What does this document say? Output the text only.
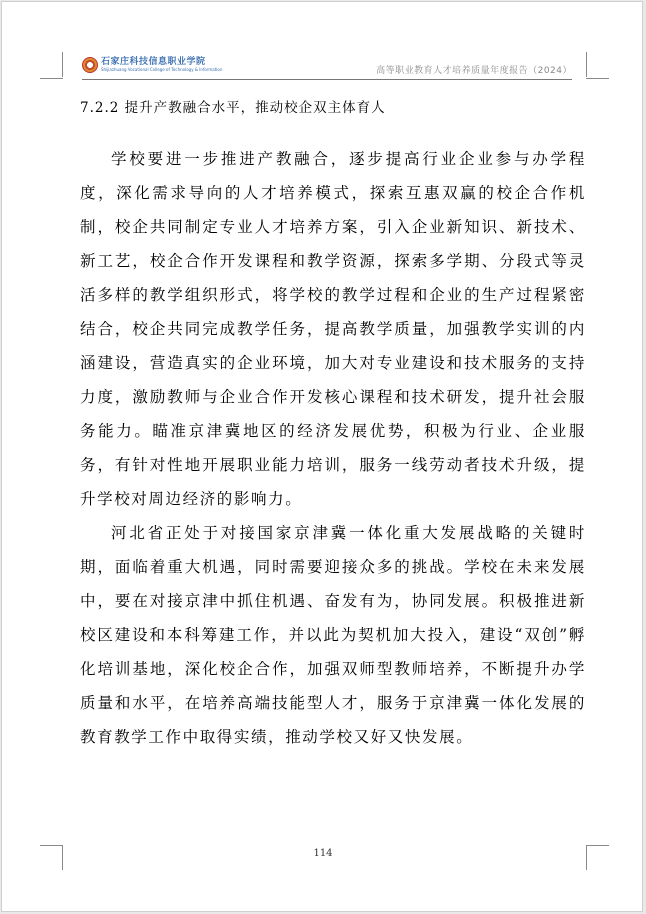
石家庄科技信息职业学院
Shijiazhuang Vocational College of Technology & Information	高等职业教育人才培养质量年度报告（2024）
7.2.2 提升产教融合水平，推动校企双主体育人

学校要进一步推进产教融合，逐步提高行业企业参与办学程度，深化需求导向的人才培养模式，探索互惠双赢的校企合作机制，校企共同制定专业人才培养方案，引入企业新知识、新技术、新工艺，校企合作开发课程和教学资源，探索多学期、分段式等灵活多样的教学组织形式，将学校的教学过程和企业的生产过程紧密结合，校企共同完成教学任务，提高教学质量，加强教学实训的内涵建设，营造真实的企业环境，加大对专业建设和技术服务的支持力度，激励教师与企业合作开发核心课程和技术研发，提升社会服务能力。瞄准京津冀地区的经济发展优势，积极为行业、企业服务，有针对性地开展职业能力培训，服务一线劳动者技术升级，提升学校对周边经济的影响力。

河北省正处于对接国家京津冀一体化重大发展战略的关键时期，面临着重大机遇，同时需要迎接众多的挑战。学校在未来发展中，要在对接京津中抓住机遇、奋发有为，协同发展。积极推进新校区建设和本科筹建工作，并以此为契机加大投入，建设“双创”孵化培训基地，深化校企合作，加强双师型教师培养，不断提升办学质量和水平，在培养高端技能型人才，服务于京津冀一体化发展的教育教学工作中取得实绩，推动学校又好又快发展。

114
